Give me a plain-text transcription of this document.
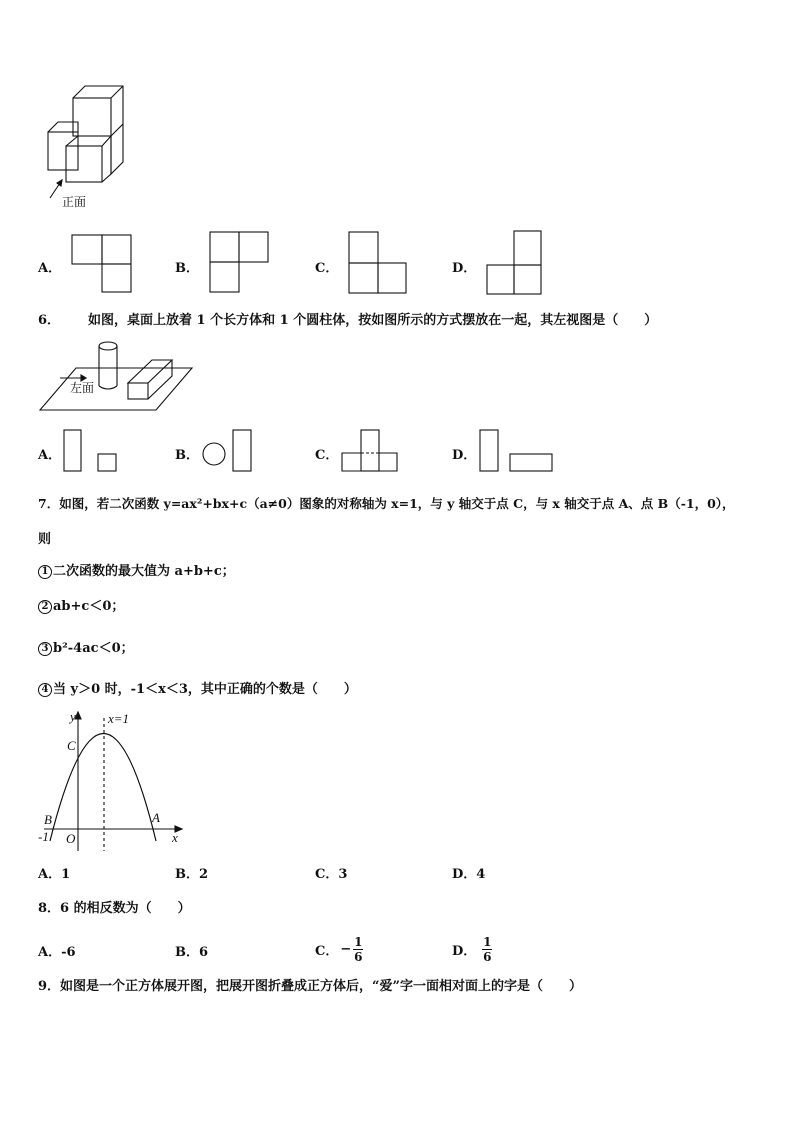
正面
A．	B．	C．	D．
6． 如图，桌面上放着 1 个长方体和 1 个圆柱体，按如图所示的方式摆放在一起，其左视图是（　　）
左面
A．	B．	C．	D．
7．如图，若二次函数 y=ax²+bx+c（a≠0）图象的对称轴为 x=1，与 y 轴交于点 C，与 x 轴交于点 A、点 B（-1，0），
则
1 二次函数的最大值为 a+b+c；
2 ab+c＜0；
3 b²-4ac＜0；
4 当 y＞0 时，-1＜x＜3，其中正确的个数是（　　）
y x=1
C
B	A
-1 O	x
A．1	B．2	C．3	D．4
8．6 的相反数为（　　）
A．-6	B．6	C． − $\frac{1}{6}$	D． $\frac{1}{6}$
9．如图是一个正方体展开图，把展开图折叠成正方体后，“爱”字一面相对面上的字是（　　）
